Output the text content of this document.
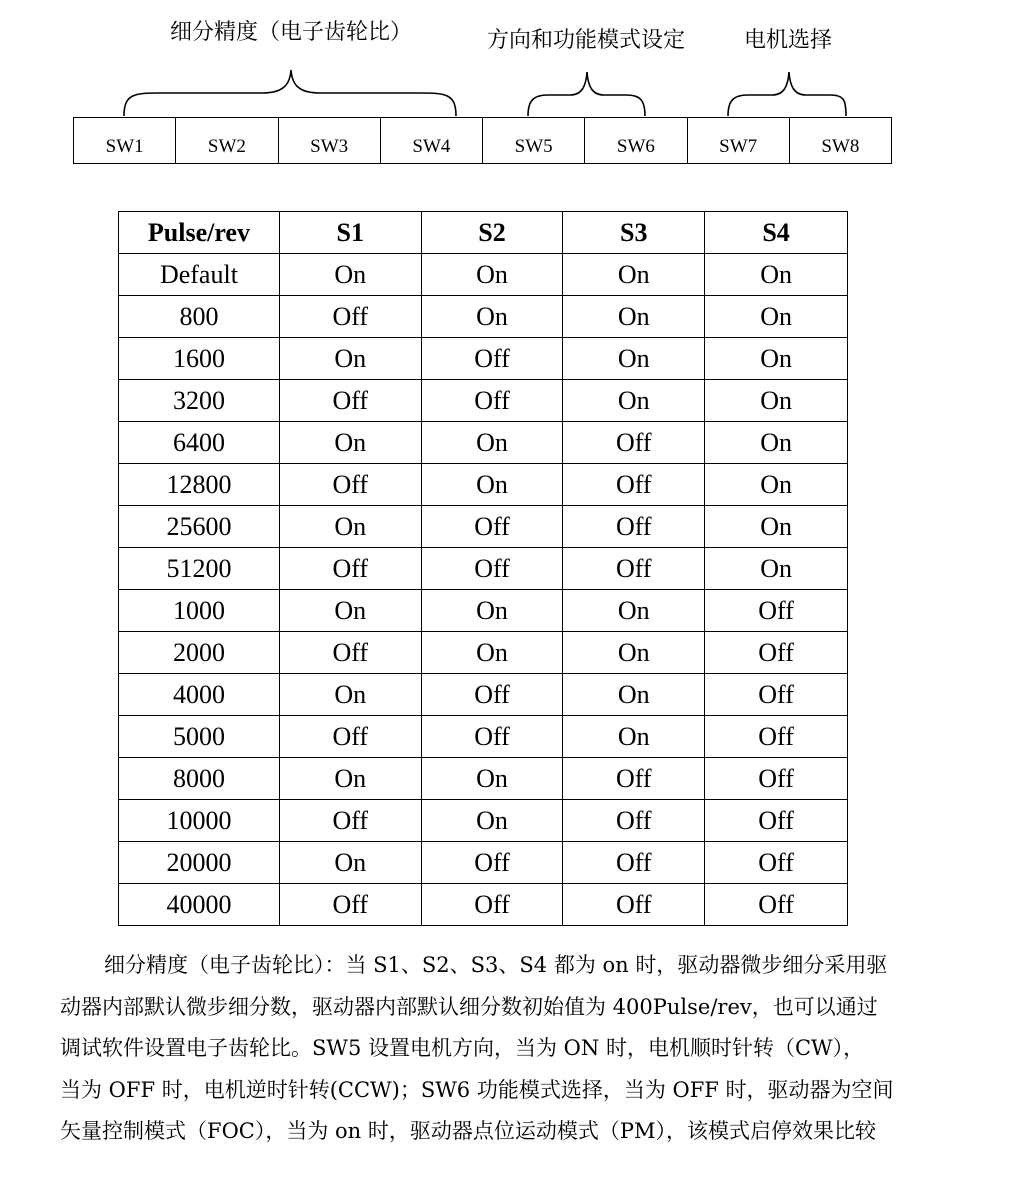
细分精度（电子齿轮比）	方向和功能模式设定	电机选择
SW1	SW2	SW3	SW4	SW5	SW6	SW7	SW8
Pulse/rev	S1	S2	S3	S4
Default	On	On	On	On
800	Off	On	On	On
1600	On	Off	On	On
3200	Off	Off	On	On
6400	On	On	Off	On
12800	Off	On	Off	On
25600	On	Off	Off	On
51200	Off	Off	Off	On
1000	On	On	On	Off
2000	Off	On	On	Off
4000	On	Off	On	Off
5000	Off	Off	On	Off
8000	On	On	Off	Off
10000	Off	On	Off	Off
20000	On	Off	Off	Off
40000	Off	Off	Off	Off
细分精度（电子齿轮比）：当 S1、S2、S3、S4 都为 on 时，驱动器微步细分采用驱
动器内部默认微步细分数，驱动器内部默认细分数初始值为 400Pulse/rev，也可以通过
调试软件设置电子齿轮比。SW5 设置电机方向，当为 ON 时，电机顺时针转（CW），
当为 OFF 时，电机逆时针转(CCW)；SW6 功能模式选择，当为 OFF 时，驱动器为空间
矢量控制模式（FOC），当为 on 时，驱动器点位运动模式（PM），该模式启停效果比较
